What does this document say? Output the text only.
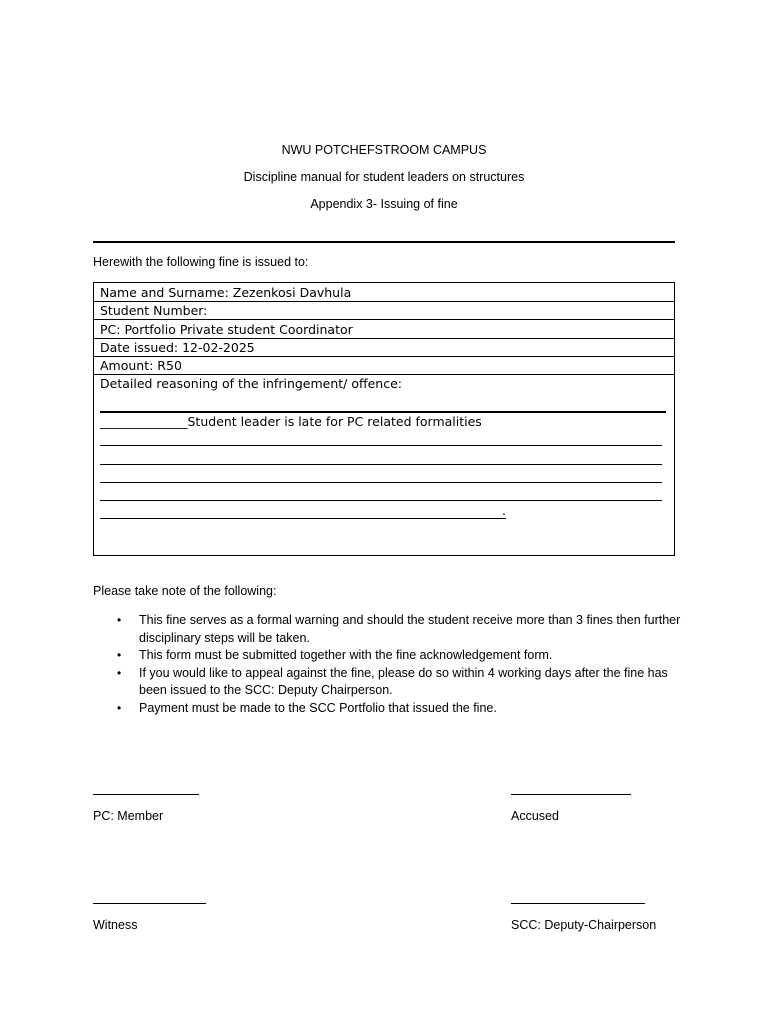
NWU POTCHEFSTROOM CAMPUS
Discipline manual for student leaders on structures
Appendix 3- Issuing of fine
Herewith the following fine is issued to:
Name and Surname: Zezenkosi Davhula
Student Number:
PC: Portfolio Private student Coordinator
Date issued: 12-02-2025
Amount: R50
Detailed reasoning of the infringement/ offence:
______________Student leader is late for PC related formalities
.
Please take note of the following:
• This fine serves as a formal warning and should the student receive more than 3 fines then further disciplinary steps will be taken.
• This form must be submitted together with the fine acknowledgement form.
• If you would like to appeal against the fine, please do so within 4 working days after the fine has been issued to the SCC: Deputy Chairperson.
• Payment must be made to the SCC Portfolio that issued the fine.
PC: Member	Accused
Witness	SCC: Deputy-Chairperson
